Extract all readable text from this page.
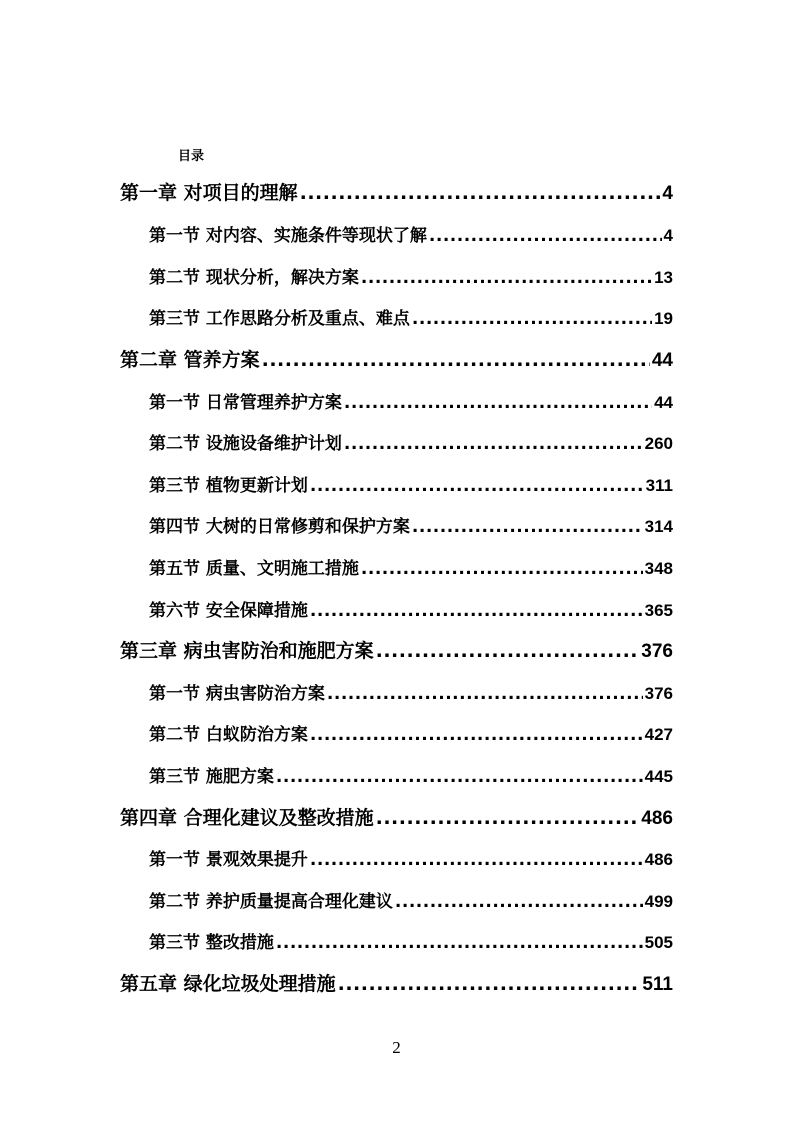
目录
第一章 对项目的理解 .....	4
第一节 对内容、实施条件等现状了解 .....	4
第二节 现状分析，解决方案 .....	13
第三节 工作思路分析及重点、难点 .....	19
第二章 管养方案 .....	44
第一节 日常管理养护方案 .....	44
第二节 设施设备维护计划 .....	260
第三节 植物更新计划 .....	311
第四节 大树的日常修剪和保护方案 .....	314
第五节 质量、文明施工措施 .....	348
第六节 安全保障措施 .....	365
第三章 病虫害防治和施肥方案 .....	376
第一节 病虫害防治方案 .....	376
第二节 白蚁防治方案 .....	427
第三节 施肥方案 .....	445
第四章 合理化建议及整改措施 .....	486
第一节 景观效果提升 .....	486
第二节 养护质量提高合理化建议 .....	499
第三节 整改措施 .....	505
第五章 绿化垃圾处理措施 .....	511
2
